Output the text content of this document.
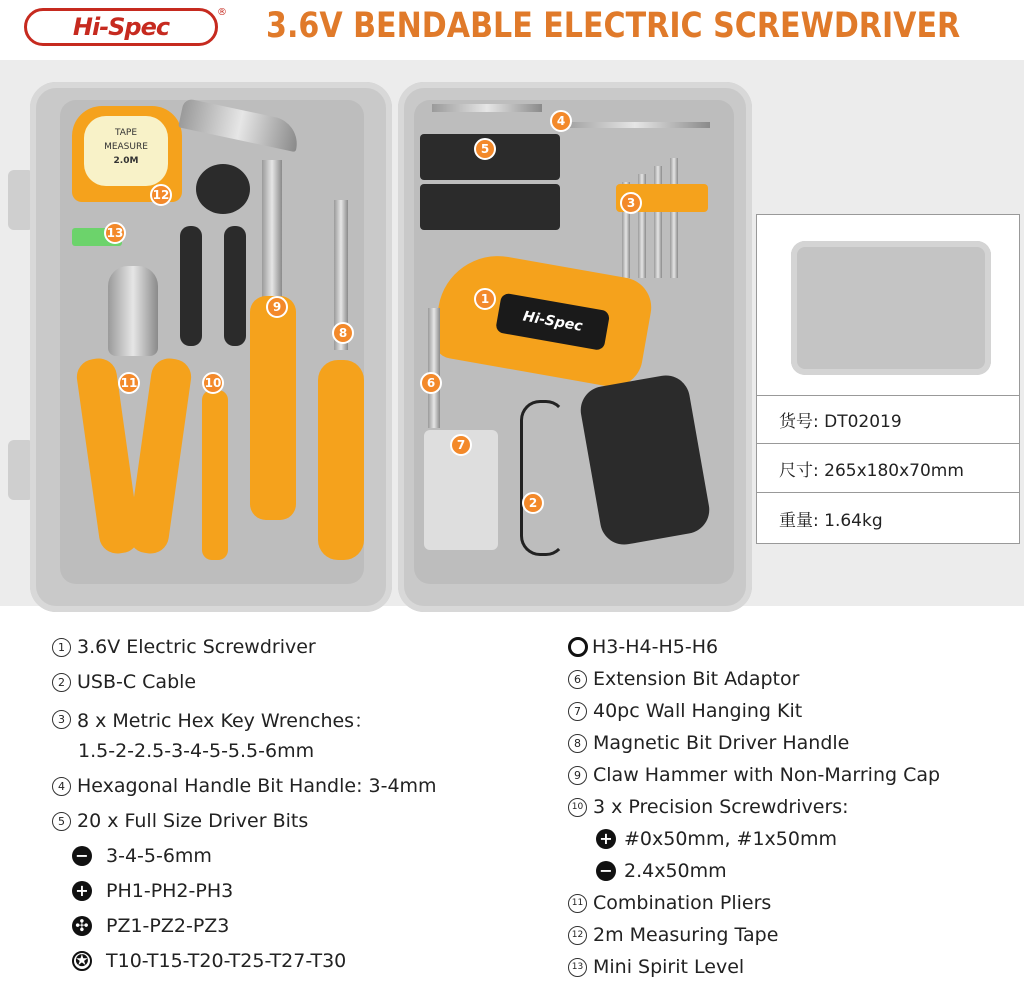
Hi-Spec
® 3.6V BENDABLE ELECTRIC SCREWDRIVER
TAPE
MEASURE
2.0M
Hi-Spec
1
2
3
4
5
6
7
8
9
10
11
12
13
货号: DT02019
尺寸: 265x180x70mm
重量: 1.64kg
1 3.6V Electric Screwdriver
2 USB-C Cable
3 8 x Metric Hex Key Wrenches：
1.5-2-2.5-3-4-5-5.5-6mm
4 Hexagonal Handle Bit Handle: 3-4mm
5 20 x Full Size Driver Bits
− 3-4-5-6mm
+ PH1-PH2-PH3
✣ PZ1-PZ2-PZ3
✪ T10-T15-T20-T25-T27-T30
H3-H4-H5-H6
6 Extension Bit Adaptor
7 40pc Wall Hanging Kit
8 Magnetic Bit Driver Handle
9 Claw Hammer with Non-Marring Cap
10 3 x Precision Screwdrivers:
+ #0x50mm, #1x50mm
− 2.4x50mm
11 Combination Pliers
12 2m Measuring Tape
13 Mini Spirit Level
